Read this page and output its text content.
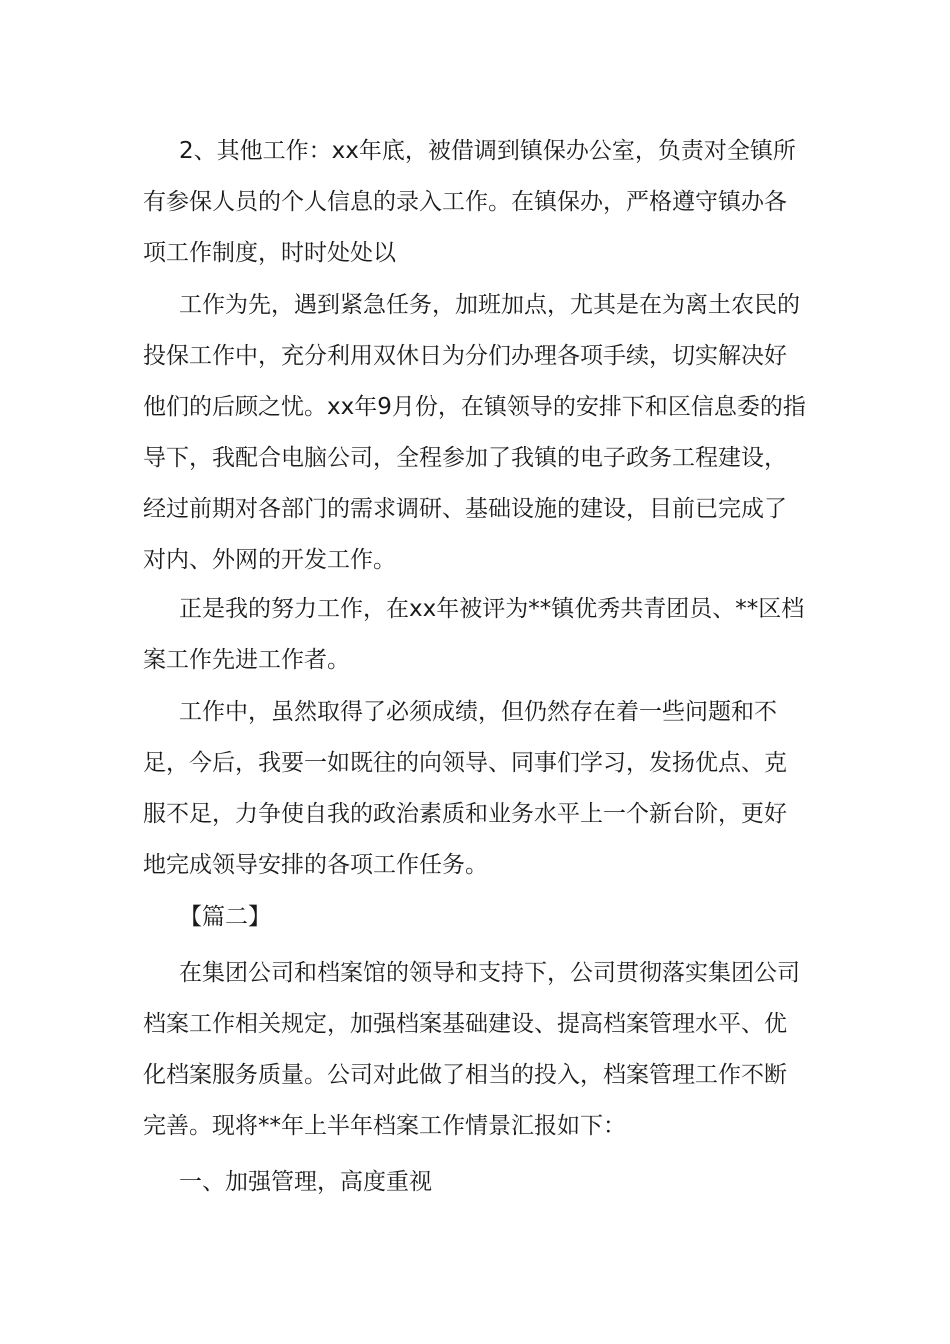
2、其他工作：xx年底，被借调到镇保办公室，负责对全镇所有参保人员的个人信息的录入工作。在镇保办，严格遵守镇办各项工作制度，时时处处以
工作为先，遇到紧急任务，加班加点，尤其是在为离土农民的投保工作中，充分利用双休日为分们办理各项手续，切实解决好他们的后顾之忧。xx年9月份，在镇领导的安排下和区信息委的指导下，我配合电脑公司，全程参加了我镇的电子政务工程建设，经过前期对各部门的需求调研、基础设施的建设，目前已完成了对内、外网的开发工作。
正是我的努力工作，在xx年被评为**镇优秀共青团员、**区档案工作先进工作者。
工作中，虽然取得了必须成绩，但仍然存在着一些问题和不足，今后，我要一如既往的向领导、同事们学习，发扬优点、克服不足，力争使自我的政治素质和业务水平上一个新台阶，更好地完成领导安排的各项工作任务。
【篇二】
在集团公司和档案馆的领导和支持下，公司贯彻落实集团公司档案工作相关规定，加强档案基础建设、提高档案管理水平、优化档案服务质量。公司对此做了相当的投入，档案管理工作不断完善。现将**年上半年档案工作情景汇报如下：
一、加强管理，高度重视
